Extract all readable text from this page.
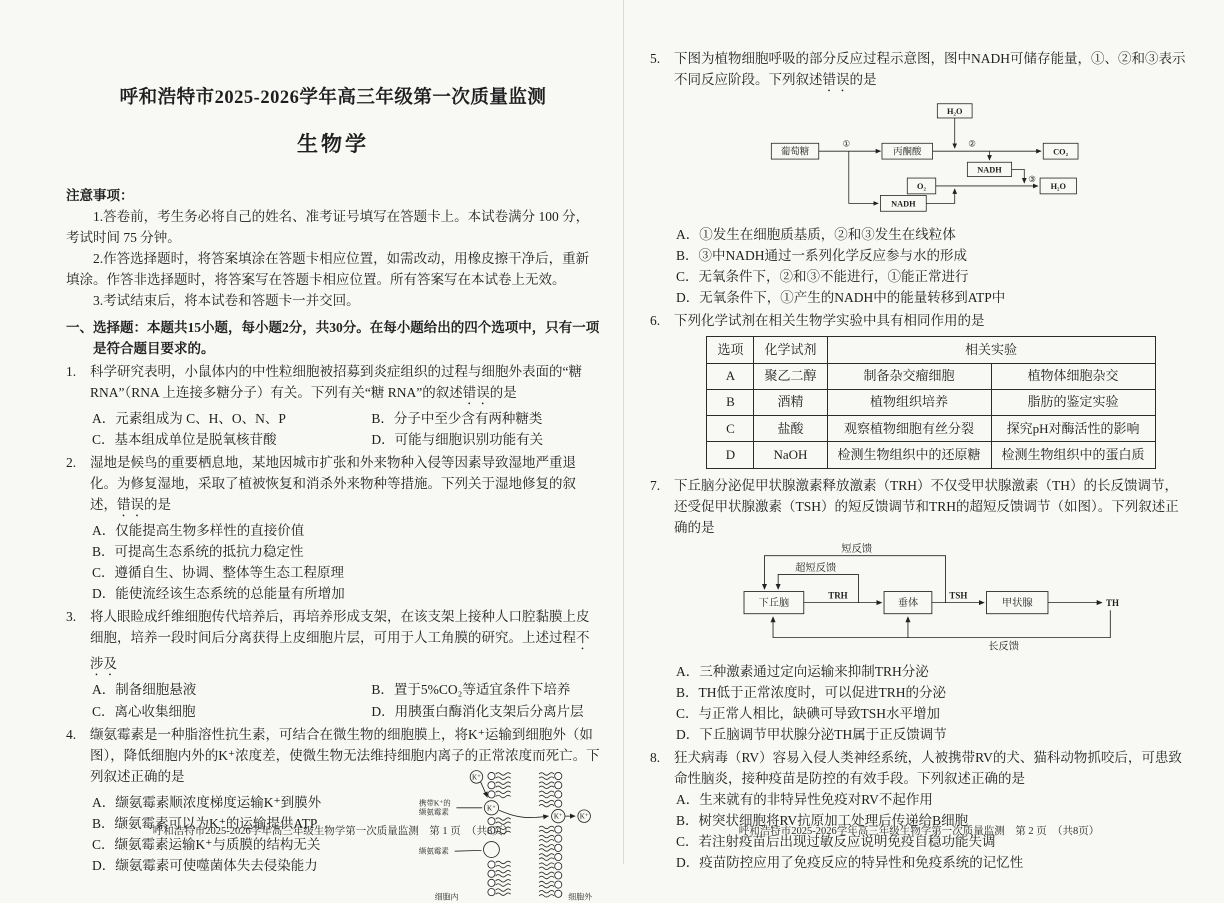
呼和浩特市2025-2026学年高三年级第一次质量监测
生物学
注意事项：

1.答卷前，考生务必将自己的姓名、准考证号填写在答题卡上。本试卷满分 100 分，考试时间 75 分钟。

2.作答选择题时，将答案填涂在答题卡相应位置，如需改动，用橡皮擦干净后，重新填涂。作答非选择题时，将答案写在答题卡相应位置。所有答案写在本试卷上无效。

3.考试结束后，将本试卷和答题卡一并交回。

一、选择题：本题共15小题，每小题2分，共30分。在每小题给出的四个选项中，只有一项是符合题目要求的。
1.	科学研究表明，小鼠体内的中性粒细胞被招募到炎症组织的过程与细胞外表面的“糖 RNA”（RNA 上连接多糖分子）有关。下列有关“糖 RNA”的叙述错误的是

A．元素组成为 C、H、O、N、P	B．分子中至少含有两种糖类
C．基本组成单位是脱氧核苷酸	D．可能与细胞识别功能有关
2.	湿地是候鸟的重要栖息地，某地因城市扩张和外来物种入侵等因素导致湿地严重退化。为修复湿地，采取了植被恢复和消杀外来物种等措施。下列关于湿地修复的叙述，错误的是

A．仅能提高生物多样性的直接价值
B．可提高生态系统的抵抗力稳定性
C．遵循自生、协调、整体等生态工程原理
D．能使流经该生态系统的总能量有所增加
3.	将人眼睑成纤维细胞传代培养后，再培养形成支架，在该支架上接种人口腔黏膜上皮细胞，培养一段时间后分离获得上皮细胞片层，可用于人工角膜的研究。上述过程不涉及

A．制备细胞悬液	B．置于5%CO₂等适宜条件下培养
C．离心收集细胞	D．用胰蛋白酶消化支架后分离片层
4.	缬氨霉素是一种脂溶性抗生素，可结合在微生物的细胞膜上，将K⁺运输到细胞外（如图），降低细胞内外的K⁺浓度差，使微生物无法维持细胞内离子的正常浓度而死亡。下列叙述正确的是

A．缬氨霉素顺浓度梯度运输K⁺到膜外
B．缬氨霉素可以为K⁺的运输提供ATP
C．缬氨霉素运输K⁺与质膜的结构无关
D．缬氨霉素可使噬菌体失去侵染能力
K⁺
K⁺
K⁺ K⁺
携带K⁺的
缬氨霉素
缬氨霉素
细胞内	细胞外
呼和浩特市2025-2026学年高三年级生物学第一次质量监测　第 1 页　（共8页）
5.	下图为植物细胞呼吸的部分反应过程示意图，图中NADH可储存能量，①、②和③表示不同反应阶段。下列叙述错误的是

葡萄糖	丙酮酸
H₂O
CO₂
NADH
O₂	H₂O
NADH
①	②
③
A．①发生在细胞质基质，②和③发生在线粒体
B．③中NADH通过一系列化学反应参与水的形成
C．无氧条件下，②和③不能进行，①能正常进行
D．无氧条件下，①产生的NADH中的能量转移到ATP中
6.	下列化学试剂在相关生物学实验中具有相同作用的是

选项	化学试剂	相关实验	
A	聚乙二醇	制备杂交瘤细胞	植物体细胞杂交
B	酒精	植物组织培养	脂肪的鉴定实验
C	盐酸	观察植物细胞有丝分裂	探究pH对酶活性的影响
D	NaOH	检测生物组织中的还原糖	检测生物组织中的蛋白质
7.	下丘脑分泌促甲状腺激素释放激素（TRH）不仅受甲状腺激素（TH）的长反馈调节，还受促甲状腺激素（TSH）的短反馈调节和TRH的超短反馈调节（如图）。下列叙述正确的是

下丘脑	垂体	甲状腺	TH
TRH	TSH
短反馈
超短反馈
长反馈
A．三种激素通过定向运输来抑制TRH分泌
B．TH低于正常浓度时，可以促进TRH的分泌
C．与正常人相比，缺碘可导致TSH水平增加
D．下丘脑调节甲状腺分泌TH属于正反馈调节
8.	狂犬病毒（RV）容易入侵人类神经系统，人被携带RV的犬、猫科动物抓咬后，可患致命性脑炎，接种疫苗是防控的有效手段。下列叙述正确的是

A．生来就有的非特异性免疫对RV不起作用
B．树突状细胞将RV抗原加工处理后传递给B细胞
C．若注射疫苗后出现过敏反应说明免疫自稳功能失调
D．疫苗防控应用了免疫反应的特异性和免疫系统的记忆性
呼和浩特市2025-2026学年高三年级生物学第一次质量监测　第 2 页　（共8页）
